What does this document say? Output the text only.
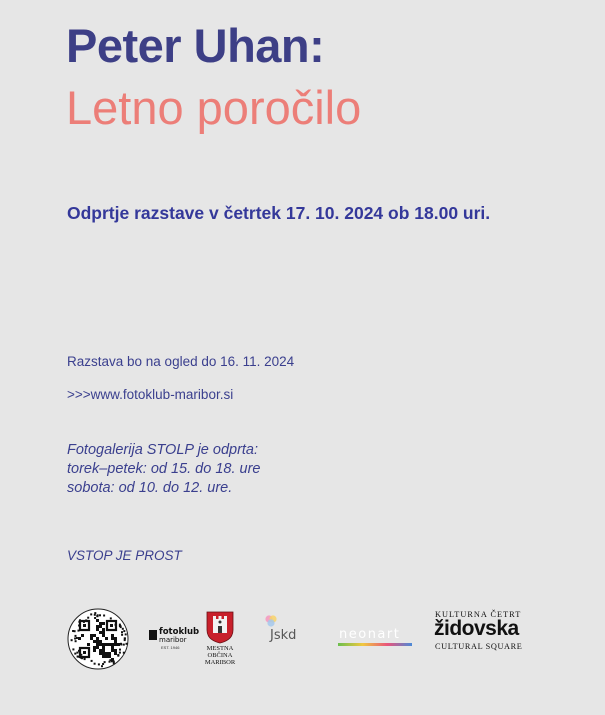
Peter Uhan:
Letno poročilo
Odprtje razstave v četrtek 17. 10. 2024 ob 18.00 uri.
Razstava bo na ogled do 16. 11. 2024
>>>www.fotoklub-maribor.si
Fotogalerija STOLP je odprta:
torek–petek: od 15. do 18. ure
sobota: od 10. do 12. ure.
VSTOP JE PROST
fotoklub
maribor
EST. 1946	MESTNA
OBČINA
MARIBOR
Jskd	neonart
KULTURNA ČETRT
židovska
CULTURAL SQUARE
